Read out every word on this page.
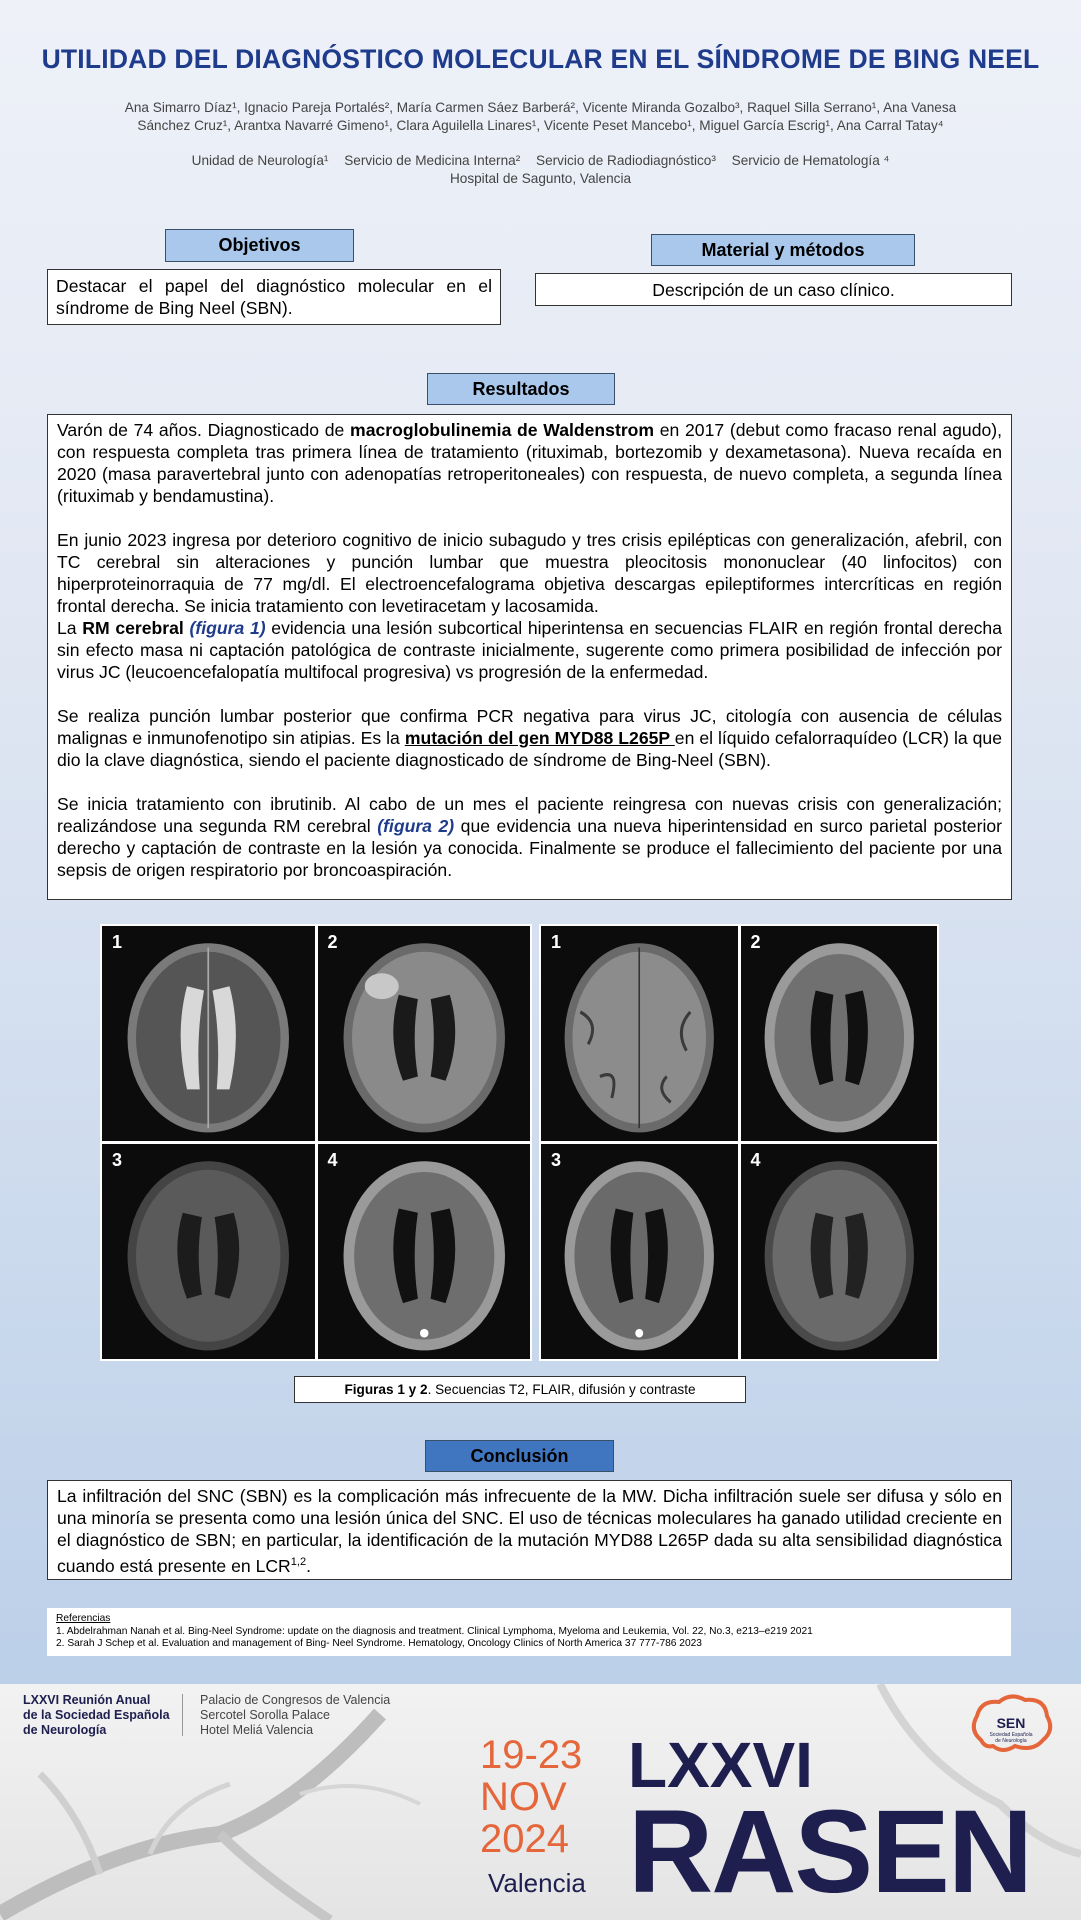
UTILIDAD DEL DIAGNÓSTICO MOLECULAR EN EL SÍNDROME DE BING NEEL
Ana Simarro Díaz¹, Ignacio Pareja Portalés², María Carmen Sáez Barberá², Vicente Miranda Gozalbo³, Raquel Silla Serrano¹, Ana Vanesa
Sánchez Cruz¹, Arantxa Navarré Gimeno¹, Clara Aguilella Linares¹, Vicente Peset Mancebo¹, Miguel García Escrig¹, Ana Carral Tatay⁴
Unidad de Neurología¹ Servicio de Medicina Interna² Servicio de Radiodiagnóstico³ Servicio de Hematología ⁴
Hospital de Sagunto, Valencia
Objetivos
Destacar el papel del diagnóstico molecular en el síndrome de Bing Neel (SBN).
Material y métodos
Descripción de un caso clínico.
Resultados

Varón de 74 años. Diagnosticado de macroglobulinemia de Waldenstrom en 2017 (debut como fracaso renal agudo), con respuesta completa tras primera línea de tratamiento (rituximab, bortezomib y dexametasona). Nueva recaída en 2020 (masa paravertebral junto con adenopatías retroperitoneales) con respuesta, de nuevo completa, a segunda línea (rituximab y bendamustina).

En junio 2023 ingresa por deterioro cognitivo de inicio subagudo y tres crisis epilépticas con generalización, afebril, con TC cerebral sin alteraciones y punción lumbar que muestra pleocitosis mononuclear (40 linfocitos) con hiperproteinorraquia de 77 mg/dl. El electroencefalograma objetiva descargas epileptiformes intercríticas en región frontal derecha. Se inicia tratamiento con levetiracetam y lacosamida.

La RM cerebral (figura 1) evidencia una lesión subcortical hiperintensa en secuencias FLAIR en región frontal derecha sin efecto masa ni captación patológica de contraste inicialmente, sugerente como primera posibilidad de infección por virus JC (leucoencefalopatía multifocal progresiva) vs progresión de la enfermedad.

Se realiza punción lumbar posterior que confirma PCR negativa para virus JC, citología con ausencia de células malignas e inmunofenotipo sin atipias. Es la mutación del gen MYD88 L265P en el líquido cefalorraquídeo (LCR) la que dio la clave diagnóstica, siendo el paciente diagnosticado de síndrome de Bing-Neel (SBN).

Se inicia tratamiento con ibrutinib. Al cabo de un mes el paciente reingresa con nuevas crisis con generalización; realizándose una segunda RM cerebral (figura 2) que evidencia una nueva hiperintensidad en surco parietal posterior derecho y captación de contraste en la lesión ya conocida. Finalmente se produce el fallecimiento del paciente por una sepsis de origen respiratorio por broncoaspiración.

1	2
3	4
1	2
3	4
Figuras 1 y 2 . Secuencias T2, FLAIR, difusión y contraste
Conclusión
La infiltración del SNC (SBN) es la complicación más infrecuente de la MW. Dicha infiltración suele ser difusa y sólo en una minoría se presenta como una lesión única del SNC. El uso de técnicas moleculares ha ganado utilidad creciente en el diagnóstico de SBN; en particular, la identificación de la mutación MYD88 L265P dada su alta sensibilidad diagnóstica cuando está presente en LCR$^{1,2}$.
Referencias
1. Abdelrahman Nanah et al. Bing-Neel Syndrome: update on the diagnosis and treatment. Clinical Lymphoma, Myeloma and Leukemia, Vol. 22, No.3, e213–e219 2021
2. Sarah J Schep et al. Evaluation and management of Bing- Neel Syndrome. Hematology, Oncology Clinics of North America 37 777-786 2023
LXXVI Reunión Anual
de la Sociedad Española
de Neurología
Palacio de Congresos de Valencia
Sercotel Sorolla Palace
Hotel Meliá Valencia
19-23
NOV
2024
Valencia
LXXVI
RASEN
SEN
Sociedad Española
de Neurología
